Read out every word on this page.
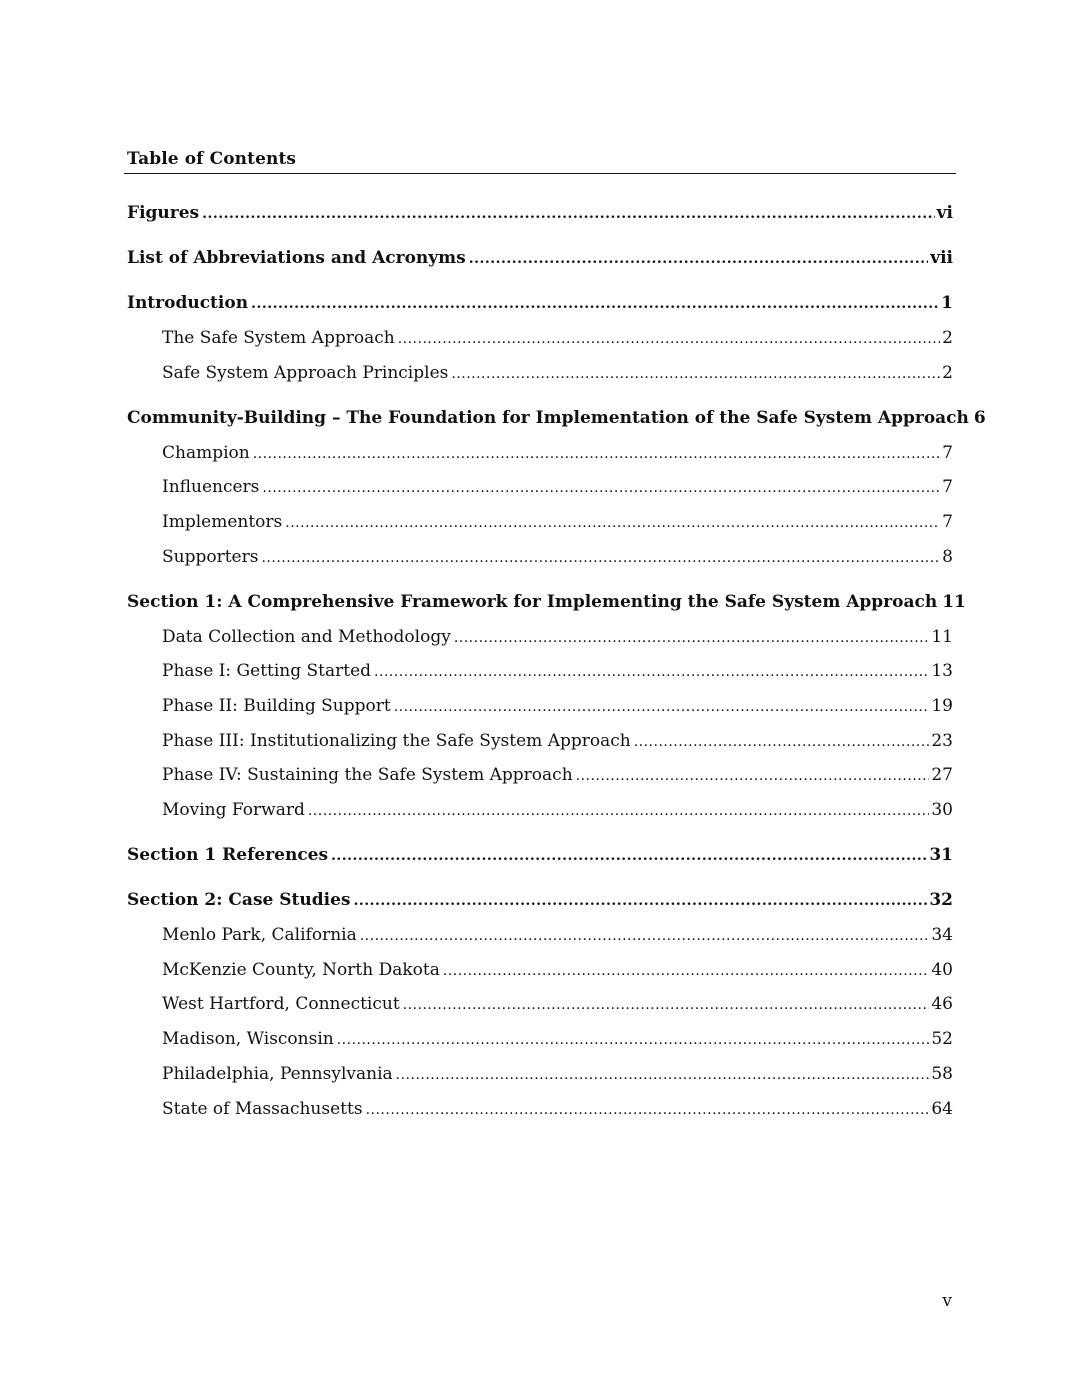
Table of Contents
Figures .....	vi
List of Abbreviations and Acronyms .....	vii
Introduction .....	1
The Safe System Approach .....	2
Safe System Approach Principles .....	2
Community-Building – The Foundation for Implementation of the Safe System Approach 6
Champion .....	7
Influencers .....	7
Implementors .....	7
Supporters .....	8
Section 1: A Comprehensive Framework for Implementing the Safe System Approach 11
Data Collection and Methodology .....	11
Phase I: Getting Started .....	13
Phase II: Building Support .....	19
Phase III: Institutionalizing the Safe System Approach .....	23
Phase IV: Sustaining the Safe System Approach .....	27
Moving Forward .....	30
Section 1 References .....	31
Section 2: Case Studies .....	32
Menlo Park, California .....	34
McKenzie County, North Dakota .....	40
West Hartford, Connecticut .....	46
Madison, Wisconsin .....	52
Philadelphia, Pennsylvania .....	58
State of Massachusetts .....	64
v
